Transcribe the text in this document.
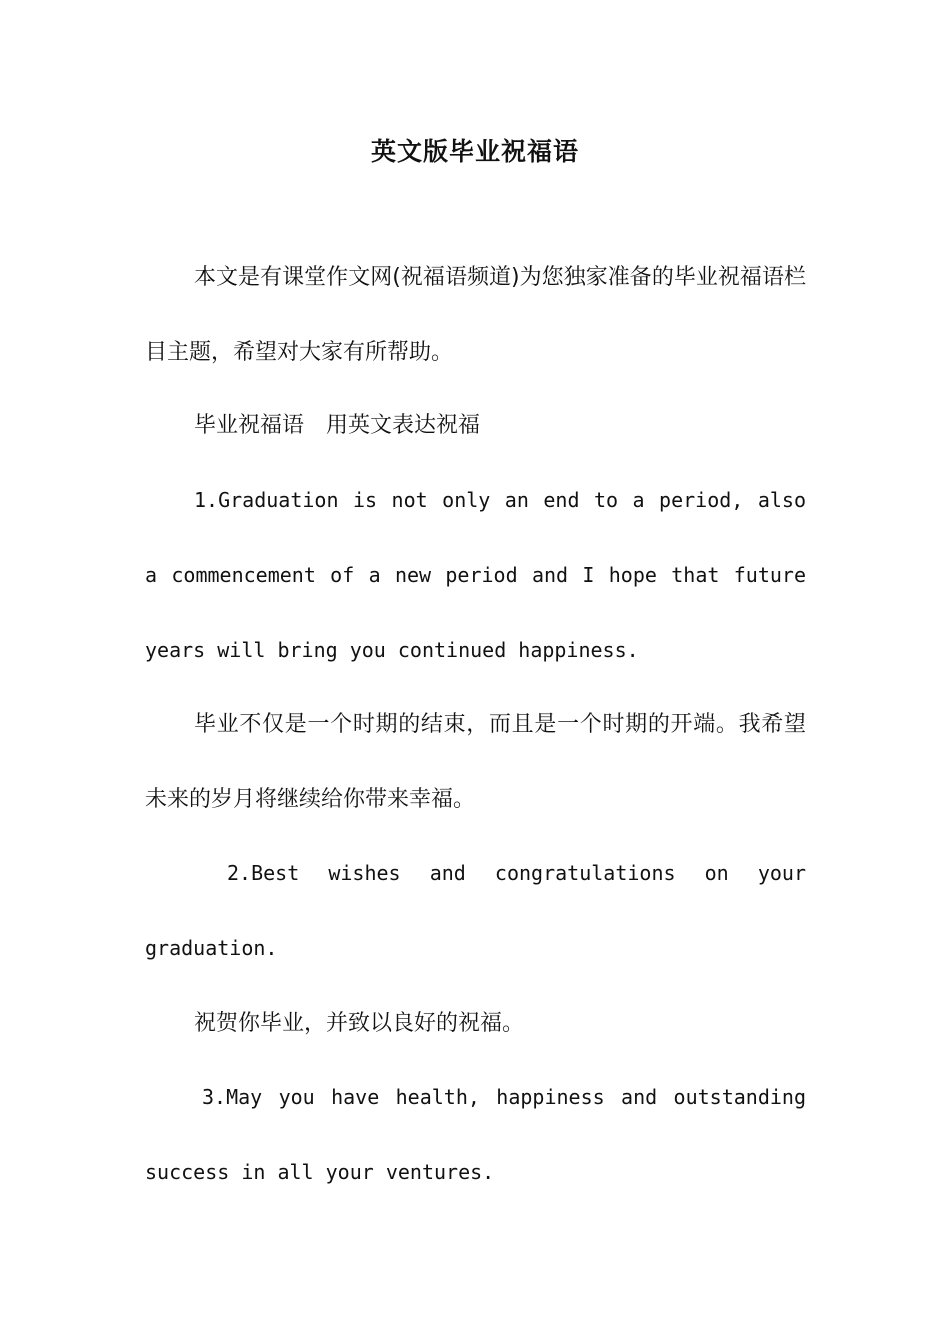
英文版毕业祝福语

本文是有课堂作文网(祝福语频道)为您独家准备的毕业祝福语栏目主题，希望对大家有所帮助。

毕业祝福语　用英文表达祝福

1.Graduation is not only an end to a period, also a commencement of a new period and I hope that future years will bring you continued happiness.

毕业不仅是一个时期的结束，而且是一个时期的开端。我希望未来的岁月将继续给你带来幸福。

2.Best wishes and congratulations on your graduation.

祝贺你毕业，并致以良好的祝福。

3.May you have health, happiness and outstanding success in all your ventures.
